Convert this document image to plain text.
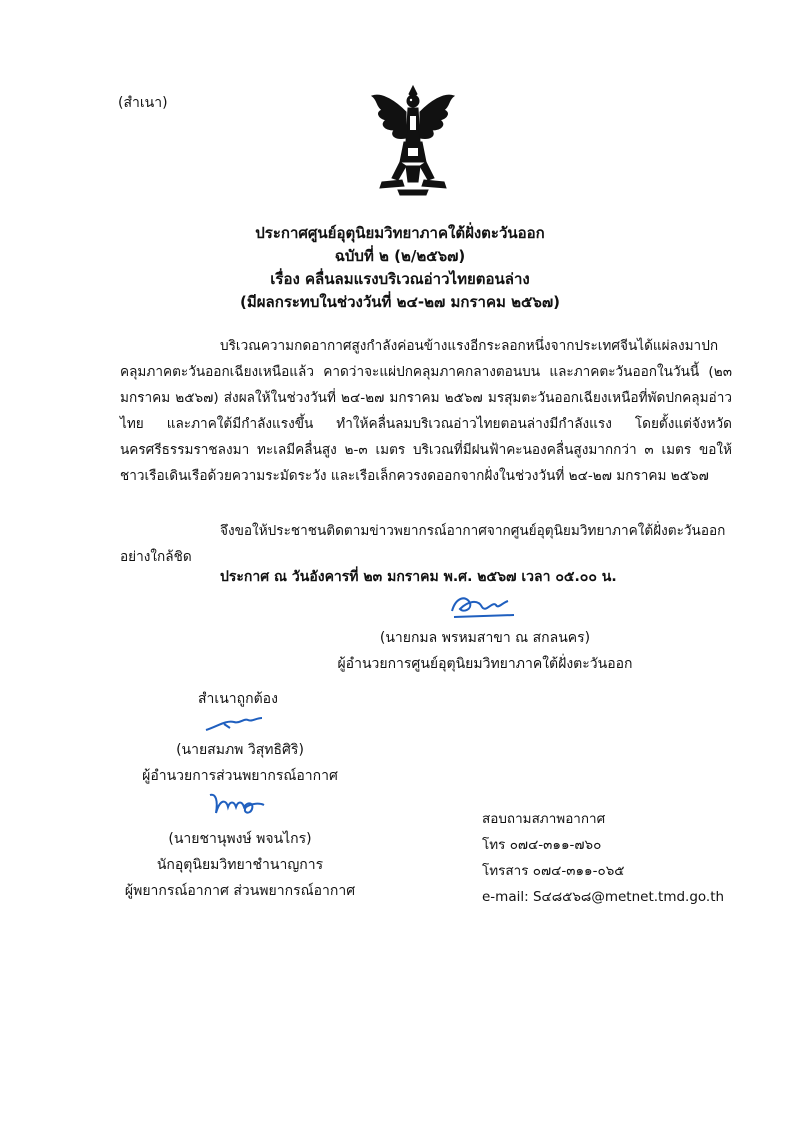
(สำเนา)
ประกาศศูนย์อุตุนิยมวิทยาภาคใต้ฝั่งตะวันออก
ฉบับที่ ๒ (๒/๒๕๖๗)
เรื่อง คลื่นลมแรงบริเวณอ่าวไทยตอนล่าง
(มีผลกระทบในช่วงวันที่ ๒๔-๒๗ มกราคม ๒๕๖๗)
บริเวณความกดอากาศสูงกำลังค่อนข้างแรงอีกระลอกหนึ่งจากประเทศจีนได้แผ่ลงมาปกคลุมภาคตะวันออกเฉียงเหนือแล้ว คาดว่าจะแผ่ปกคลุมภาคกลางตอนบน และภาคตะวันออกในวันนี้ (๒๓ มกราคม ๒๕๖๗) ส่งผลให้ในช่วงวันที่ ๒๔-๒๗ มกราคม ๒๕๖๗ มรสุมตะวันออกเฉียงเหนือที่พัดปกคลุมอ่าวไทย และภาคใต้มีกำลังแรงขึ้น ทำให้คลื่นลมบริเวณอ่าวไทยตอนล่างมีกำลังแรง โดยตั้งแต่จังหวัดนครศรีธรรมราชลงมา ทะเลมีคลื่นสูง ๒-๓ เมตร บริเวณที่มีฝนฟ้าคะนองคลื่นสูงมากกว่า ๓ เมตร ขอให้ชาวเรือเดินเรือด้วยความระมัดระวัง และเรือเล็กควรงดออกจากฝั่งในช่วงวันที่ ๒๔-๒๗ มกราคม ๒๕๖๗
จึงขอให้ประชาชนติดตามข่าวพยากรณ์อากาศจากศูนย์อุตุนิยมวิทยาภาคใต้ฝั่งตะวันออกอย่างใกล้ชิด
ประกาศ ณ วันอังคารที่ ๒๓ มกราคม พ.ศ. ๒๕๖๗ เวลา ๐๕.๐๐ น.
(นายกมล พรหมสาขา ณ สกลนคร)
ผู้อำนวยการศูนย์อุตุนิยมวิทยาภาคใต้ฝั่งตะวันออก
สำเนาถูกต้อง
(นายสมภพ วิสุทธิศิริ)
ผู้อำนวยการส่วนพยากรณ์อากาศ
(นายชานุพงษ์ พจนไกร)
นักอุตุนิยมวิทยาชำนาญการ
ผู้พยากรณ์อากาศ ส่วนพยากรณ์อากาศ
สอบถามสภาพอากาศ
โทร ๐๗๔-๓๑๑-๗๖๐
โทรสาร ๐๗๔-๓๑๑-๐๖๕
e-mail: S๔๘๕๖๘@metnet.tmd.go.th
